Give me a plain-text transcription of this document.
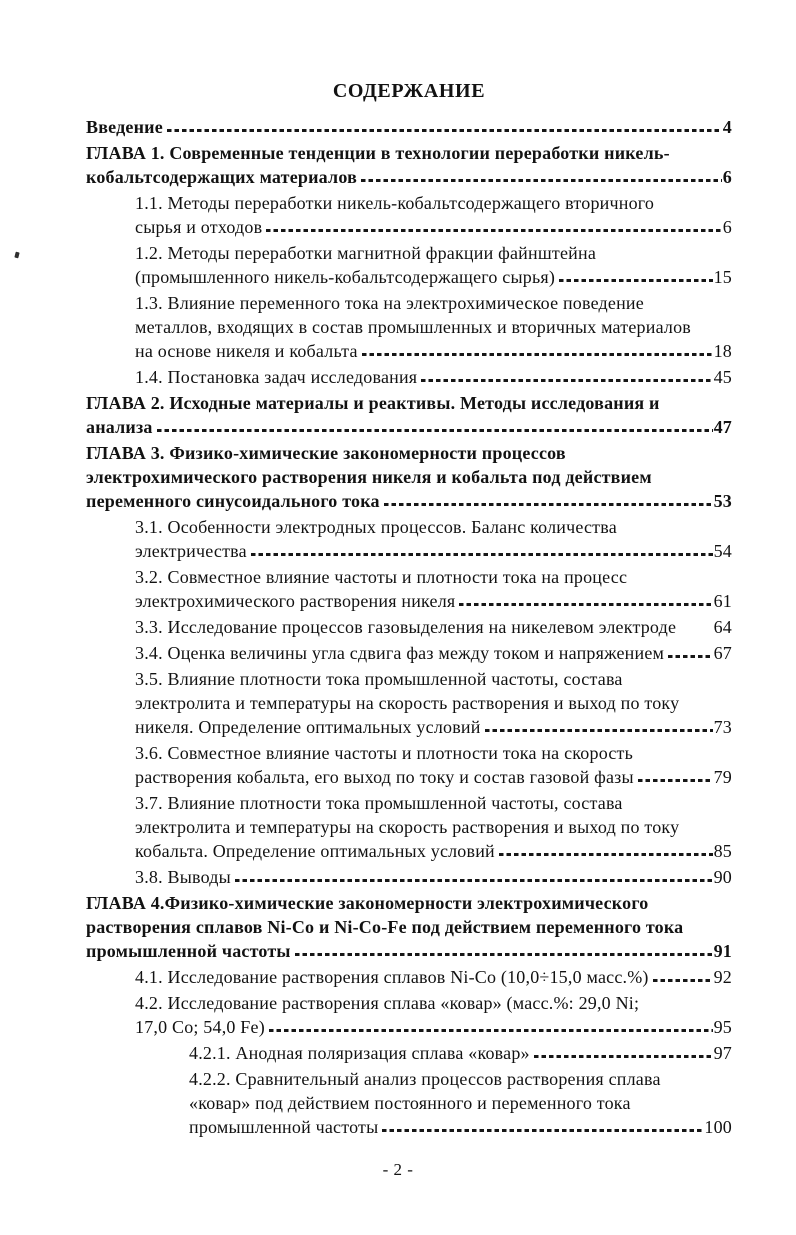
СОДЕРЖАНИЕ
Введение	4
ГЛАВА 1. Современные тенденции в технологии переработки никель-
кобальтсодержащих материалов	6
1.1. Методы переработки никель-кобальтсодержащего вторичного
сырья и отходов	6
1.2. Методы переработки магнитной фракции файнштейна
(промышленного никель-кобальтсодержащего сырья)	15
1.3. Влияние переменного тока на электрохимическое поведение
металлов, входящих в состав промышленных и вторичных материалов
на основе никеля и кобальта	18
1.4. Постановка задач исследования	45
ГЛАВА 2. Исходные материалы и реактивы. Методы исследования и
анализа	47
ГЛАВА 3. Физико-химические закономерности процессов
электрохимического растворения никеля и кобальта под действием
переменного синусоидального тока	53
3.1. Особенности электродных процессов. Баланс количества
электричества	54
3.2. Совместное влияние частоты и плотности тока на процесс
электрохимического растворения никеля	61
3.3. Исследование процессов газовыделения на никелевом электроде 64
3.4. Оценка величины угла сдвига фаз между током и напряжением	67
3.5. Влияние плотности тока промышленной частоты, состава
электролита и температуры на скорость растворения и выход по току
никеля. Определение оптимальных условий	73
3.6. Совместное влияние частоты и плотности тока на скорость
растворения кобальта, его выход по току и состав газовой фазы	79
3.7. Влияние плотности тока промышленной частоты, состава
электролита и температуры на скорость растворения и выход по току
кобальта. Определение оптимальных условий	85
3.8. Выводы	90
ГЛАВА 4.Физико-химические закономерности электрохимического
растворения сплавов Ni-Co и Ni-Co-Fe под действием переменного тока
промышленной частоты	91
4.1. Исследование растворения сплавов Ni-Co (10,0÷15,0 масс.%)	92
4.2. Исследование растворения сплава «ковар» (масс.%: 29,0 Ni;
17,0 Co; 54,0 Fe)	95
4.2.1. Анодная поляризация сплава «ковар»	97
4.2.2. Сравнительный анализ процессов растворения сплава
«ковар» под действием постоянного и переменного тока
промышленной частоты	100
- 2 -
